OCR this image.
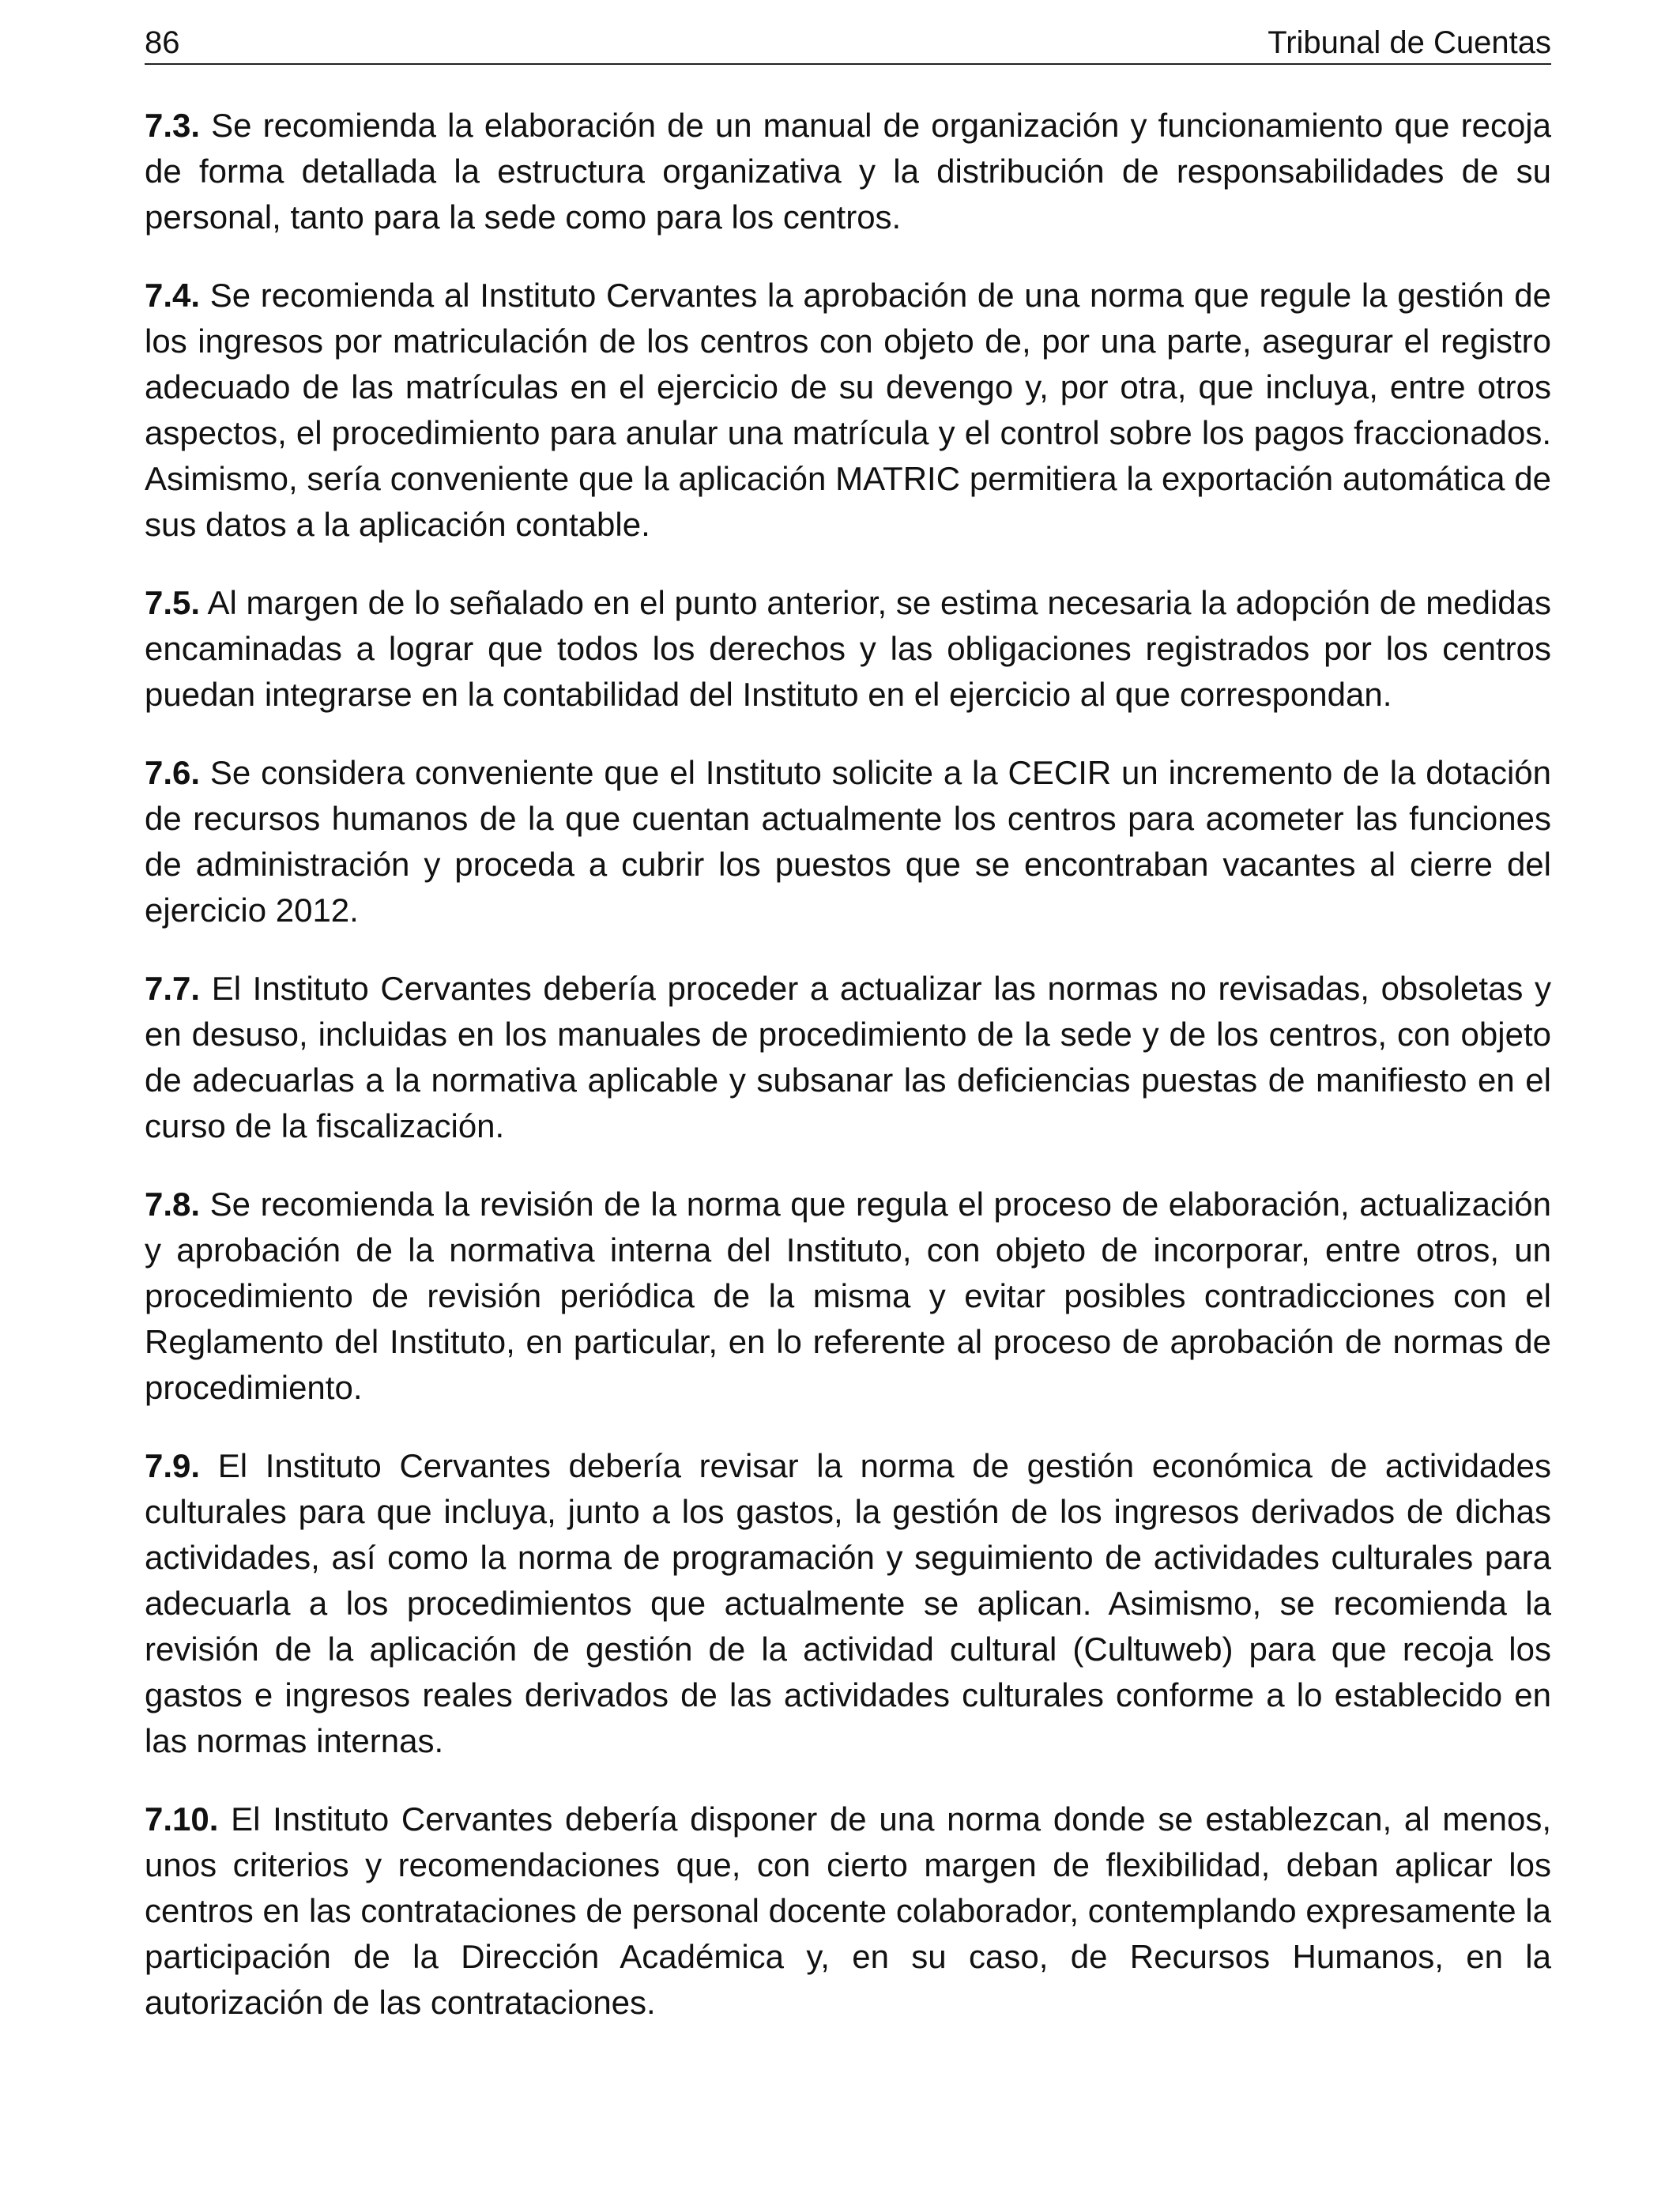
86	Tribunal de Cuentas

7.3. Se recomienda la elaboración de un manual de organización y funcionamiento que recoja de forma detallada la estructura organizativa y la distribución de responsabilidades de su personal, tanto para la sede como para los centros.

7.4. Se recomienda al Instituto Cervantes la aprobación de una norma que regule la gestión de los ingresos por matriculación de los centros con objeto de, por una parte, asegurar el registro adecuado de las matrículas en el ejercicio de su devengo y, por otra, que incluya, entre otros aspectos, el procedimiento para anular una matrícula y el control sobre los pagos fraccionados. Asimismo, sería conveniente que la aplicación MATRIC permitiera la exportación automática de sus datos a la aplicación contable.

7.5. Al margen de lo señalado en el punto anterior, se estima necesaria la adopción de medidas encaminadas a lograr que todos los derechos y las obligaciones registrados por los centros puedan integrarse en la contabilidad del Instituto en el ejercicio al que correspondan.

7.6. Se considera conveniente que el Instituto solicite a la CECIR un incremento de la dotación de recursos humanos de la que cuentan actualmente los centros para acometer las funciones de administración y proceda a cubrir los puestos que se encontraban vacantes al cierre del ejercicio 2012.

7.7. El Instituto Cervantes debería proceder a actualizar las normas no revisadas, obsoletas y en desuso, incluidas en los manuales de procedimiento de la sede y de los centros, con objeto de adecuarlas a la normativa aplicable y subsanar las deficiencias puestas de manifiesto en el curso de la fiscalización.

7.8. Se recomienda la revisión de la norma que regula el proceso de elaboración, actualización y aprobación de la normativa interna del Instituto, con objeto de incorporar, entre otros, un procedimiento de revisión periódica de la misma y evitar posibles contradicciones con el Reglamento del Instituto, en particular, en lo referente al proceso de aprobación de normas de procedimiento.

7.9. El Instituto Cervantes debería revisar la norma de gestión económica de actividades culturales para que incluya, junto a los gastos, la gestión de los ingresos derivados de dichas actividades, así como la norma de programación y seguimiento de actividades culturales para adecuarla a los procedimientos que actualmente se aplican. Asimismo, se recomienda la revisión de la aplicación de gestión de la actividad cultural (Cultuweb) para que recoja los gastos e ingresos reales derivados de las actividades culturales conforme a lo establecido en las normas internas.

7.10. El Instituto Cervantes debería disponer de una norma donde se establezcan, al menos, unos criterios y recomendaciones que, con cierto margen de flexibilidad, deban aplicar los centros en las contrataciones de personal docente colaborador, contemplando expresamente la participación de la Dirección Académica y, en su caso, de Recursos Humanos, en la autorización de las contrataciones.
